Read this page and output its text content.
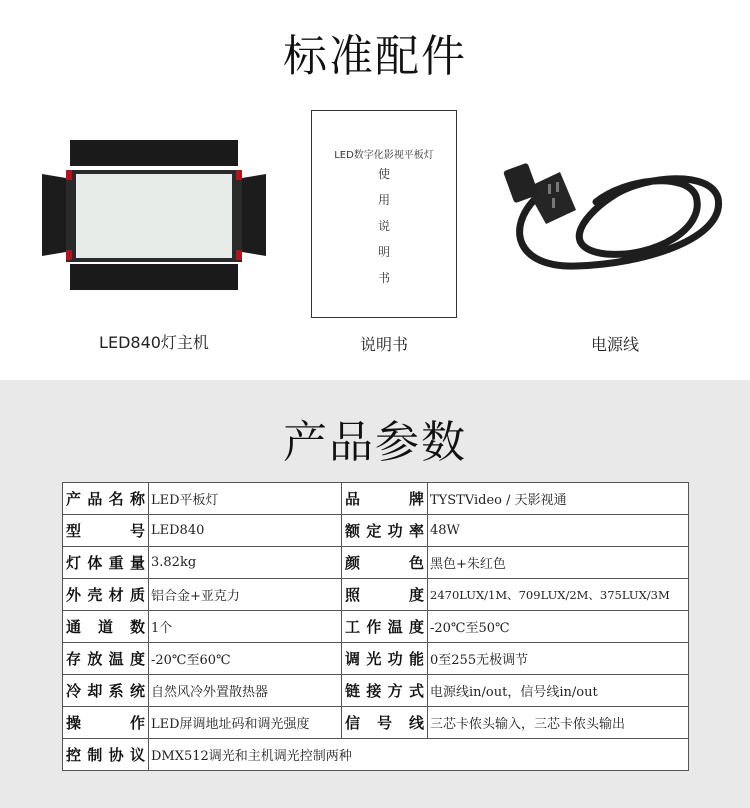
标准配件
LED840灯主机
LED数字化影视平板灯
使
用
说
明
书
说明书	电源线
产品参数
产 品 名 称	LED平板灯	品 牌	TYSTVideo / 天影视通

型 号	LED840	额 定 功 率	48W

灯 体 重 量	3.82kg	颜 色	黑色+朱红色

外 壳 材 质	铝合金+亚克力	照 度	2470LUX/1M、709LUX/2M、375LUX/3M

通 道 数	1个	工 作 温 度	-20℃至50℃

存 放 温 度	-20℃至60℃	调 光 功 能	0至255无极调节

冷 却 系 统	自然风冷外置散热器	链 接 方 式	电源线in/out，信号线in/out

操 作	LED屏调地址码和调光强度	信 号 线	三芯卡侬头输入，三芯卡侬头输出

控 制 协 议	DMX512调光和主机调光控制两种		
